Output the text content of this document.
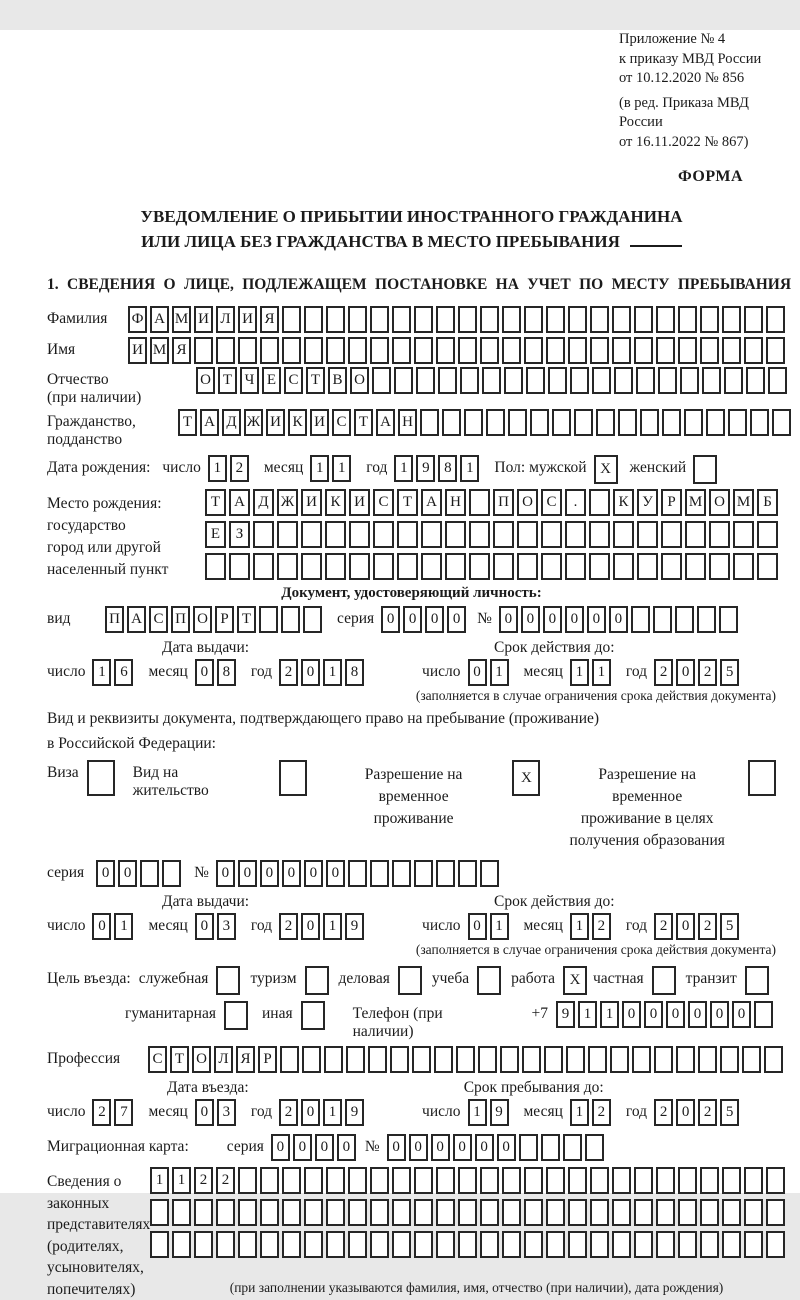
Приложение № 4
к приказу МВД России
от 10.12.2020 № 856
(в ред. Приказа МВД России
от 16.11.2022 № 867)
ФОРМА
УВЕДОМЛЕНИЕ О ПРИБЫТИИ ИНОСТРАННОГО ГРАЖДАНИНА
ИЛИ ЛИЦА БЕЗ ГРАЖДАНСТВА В МЕСТО ПРЕБЫВАНИЯ
1. СВЕДЕНИЯ О ЛИЦЕ, ПОДЛЕЖАЩЕМ ПОСТАНОВКЕ НА УЧЕТ ПО МЕСТУ ПРЕБЫВАНИЯ
Фамилия	Ф А М И Л И Я
Имя	И М Я
Отчество
(при наличии)
О Т Ч Е С Т В О
Гражданство,
подданство
Т А Д Ж И К И С Т А Н
Дата рождения: число 1 2	месяц 1 1	год 1 9 8 1	Пол: мужской X	женский
Место рождения:
государство
город или другой
населенный пункт
Т А Д Ж И К И С Т А Н	П О С	.	К У Р М О М Б
Е	З
Документ, удостоверяющий личность:
вид	П А С П О Р Т	серия 0 0 0 0	№ 0 0 0 0 0 0
Дата выдачи:	Срок действия до:
число 1 6	месяц 0 8	год 2 0 1 8	число 0 1	месяц 1 1	год 2 0 2 5
(заполняется в случае ограничения срока действия документа)
Вид и реквизиты документа, подтверждающего право на пребывание (проживание)
в Российской Федерации:
Виза	Вид на жительство
Разрешение на временное
проживание
X	Разрешение на временное
проживание в целях
получения образования
серия	0 0	№ 0 0 0 0 0 0
Дата выдачи:	Срок действия до:
число 0 1	месяц 0 3	год 2 0 1 9	число 0 1	месяц 1 2	год 2 0 2 5
(заполняется в случае ограничения срока действия документа)
Цель въезда: служебная	туризм	деловая	учеба	работа X частная	транзит
гуманитарная	иная	Телефон (при наличии)
+7 9 1 1 0 0 0 0 0 0
Профессия	С Т О Л Я Р
Дата въезда:	Срок пребывания до:
число 2 7	месяц 0 3	год 2 0 1 9	число 1 9	месяц 1 2	год 2 0 2 5
Миграционная карта:	серия 0 0 0 0 № 0 0 0 0 0 0
Сведения о
законных
представителях
(родителях,
усыновителях,
попечителях)
1 1 2 2
(при заполнении указываются фамилия, имя, отчество (при наличии), дата рождения)
